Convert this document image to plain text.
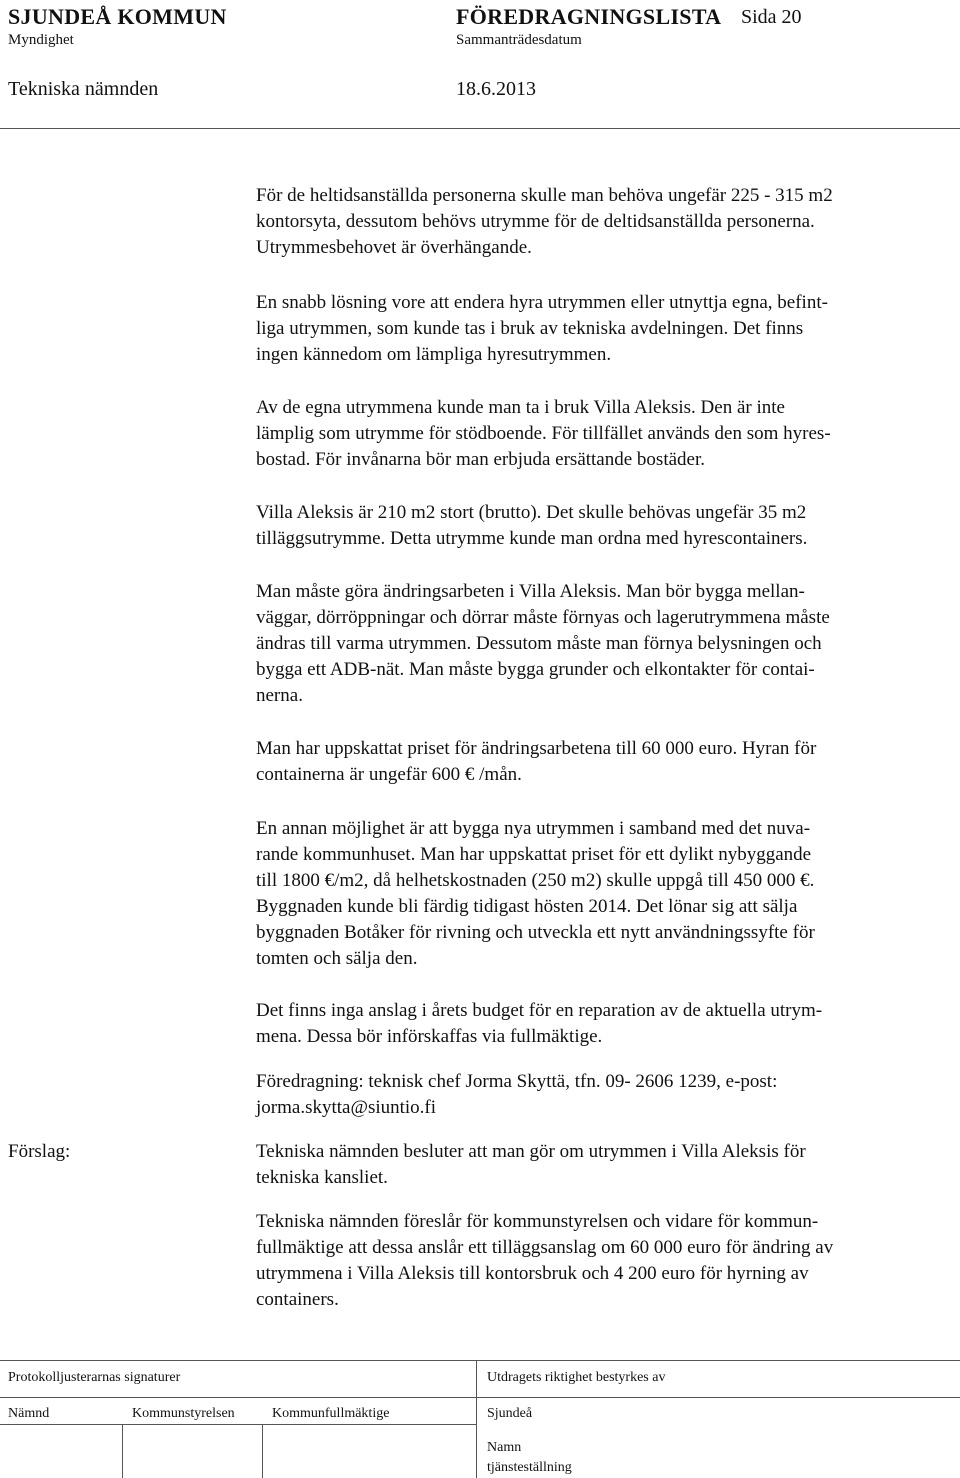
SJUNDEÅ KOMMUN	FÖREDRAGNINGSLISTA Sida 20
Myndighet	Sammanträdesdatum
Tekniska nämnden	18.6.2013

För de heltidsanställda personerna skulle man behöva ungefär 225 - 315 m2

kontorsyta, dessutom behövs utrymme för de deltidsanställda personerna.

Utrymmesbehovet är överhängande.

En snabb lösning vore att endera hyra utrymmen eller utnyttja egna, befint-

liga utrymmen, som kunde tas i bruk av tekniska avdelningen. Det finns

ingen kännedom om lämpliga hyresutrymmen.

Av de egna utrymmena kunde man ta i bruk Villa Aleksis. Den är inte

lämplig som utrymme för stödboende. För tillfället används den som hyres-

bostad. För invånarna bör man erbjuda ersättande bostäder.

Villa Aleksis är 210 m2 stort (brutto). Det skulle behövas ungefär 35 m2

tilläggsutrymme. Detta utrymme kunde man ordna med hyrescontainers.

Man måste göra ändringsarbeten i Villa Aleksis. Man bör bygga mellan-

väggar, dörröppningar och dörrar måste förnyas och lagerutrymmena måste

ändras till varma utrymmen. Dessutom måste man förnya belysningen och

bygga ett ADB-nät. Man måste bygga grunder och elkontakter för contai-

nerna.

Man har uppskattat priset för ändringsarbetena till 60 000 euro. Hyran för

containerna är ungefär 600 € /mån.

En annan möjlighet är att bygga nya utrymmen i samband med det nuva-

rande kommunhuset. Man har uppskattat priset för ett dylikt nybyggande

till 1800 €/m2, då helhetskostnaden (250 m2) skulle uppgå till 450 000 €.

Byggnaden kunde bli färdig tidigast hösten 2014. Det lönar sig att sälja

byggnaden Botåker för rivning och utveckla ett nytt användningssyfte för

tomten och sälja den.

Det finns inga anslag i årets budget för en reparation av de aktuella utrym-

mena. Dessa bör införskaffas via fullmäktige.

Föredragning: teknisk chef Jorma Skyttä, tfn. 09- 2606 1239, e-post:

jorma.skytta@siuntio.fi

Förslag:	Tekniska nämnden besluter att man gör om utrymmen i Villa Aleksis för

tekniska kansliet.

Tekniska nämnden föreslår för kommunstyrelsen och vidare för kommun-

fullmäktige att dessa anslår ett tilläggsanslag om 60 000 euro för ändring av

utrymmena i Villa Aleksis till kontorsbruk och 4 200 euro för hyrning av

containers.

Protokolljusterarnas signaturer	Utdragets riktighet bestyrkes av
Nämnd	Kommunstyrelsen	Kommunfullmäktige	Sjundeå
Namn
tjänsteställning
